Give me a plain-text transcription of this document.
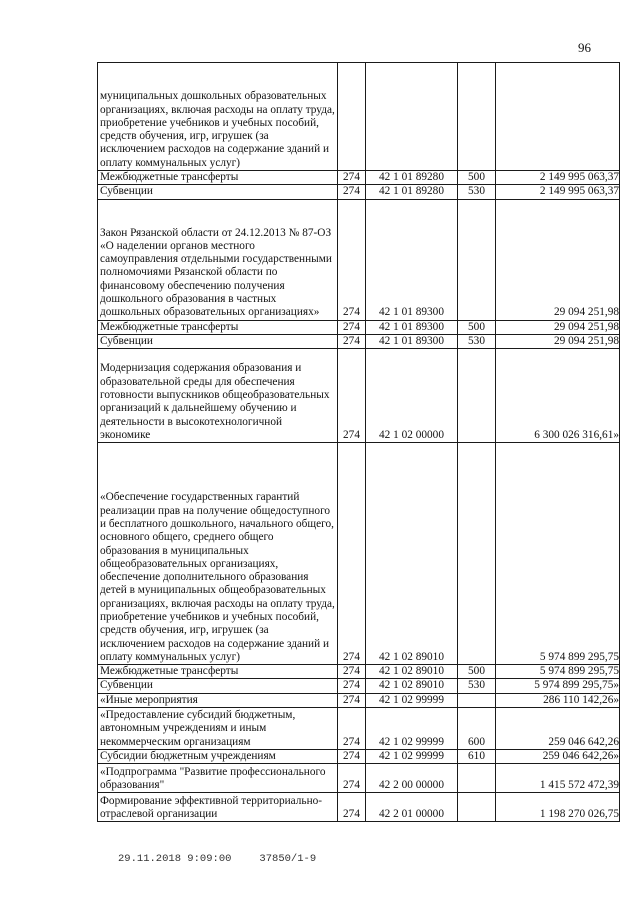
96
муниципальных дошкольных образовательных организациях, включая расходы на оплату труда, приобретение учебников и учебных пособий, средств обучения, игр, игрушек (за исключением расходов на содержание зданий и оплату коммунальных услуг)				
Межбюджетные трансферты	274	42 1 01 89280	500	2 149 995 063,37
Субвенции	274	42 1 01 89280	530	2 149 995 063,37
Закон Рязанской области от 24.12.2013 № 87-ОЗ «О наделении органов местного самоуправления отдельными государственными полномочиями Рязанской области по финансовому обеспечению получения дошкольного образования в частных дошкольных образовательных организациях»	274	42 1 01 89300		29 094 251,98
Межбюджетные трансферты	274	42 1 01 89300	500	29 094 251,98
Субвенции	274	42 1 01 89300	530	29 094 251,98
Модернизация содержания образования и образовательной среды для обеспечения готовности выпускников общеобразовательных организаций к дальнейшему обучению и деятельности в высокотехнологичной экономике	274	42 1 02 00000		6 300 026 316,61»
«Обеспечение государственных гарантий реализации прав на получение общедоступного и бесплатного дошкольного, начального общего, основного общего, среднего общего образования в муниципальных общеобразовательных организациях, обеспечение дополнительного образования детей в муниципальных общеобразовательных организациях, включая расходы на оплату труда, приобретение учебников и учебных пособий, средств обучения, игр, игрушек (за исключением расходов на содержание зданий и оплату коммунальных услуг)	274	42 1 02 89010		5 974 899 295,75
Межбюджетные трансферты	274	42 1 02 89010	500	5 974 899 295,75
Субвенции	274	42 1 02 89010	530	5 974 899 295,75»
«Иные мероприятия	274	42 1 02 99999		286 110 142,26»
«Предоставление субсидий бюджетным, автономным учреждениям и иным некоммерческим организациям	274	42 1 02 99999	600	259 046 642,26
Субсидии бюджетным учреждениям	274	42 1 02 99999	610	259 046 642,26»
«Подпрограмма "Развитие профессионального образования"	274	42 2 00 00000		1 415 572 472,39
Формирование эффективной территориально-отраслевой организации	274	42 2 01 00000		1 198 270 026,75
29.11.2018 9:09:00	37850/1-9
